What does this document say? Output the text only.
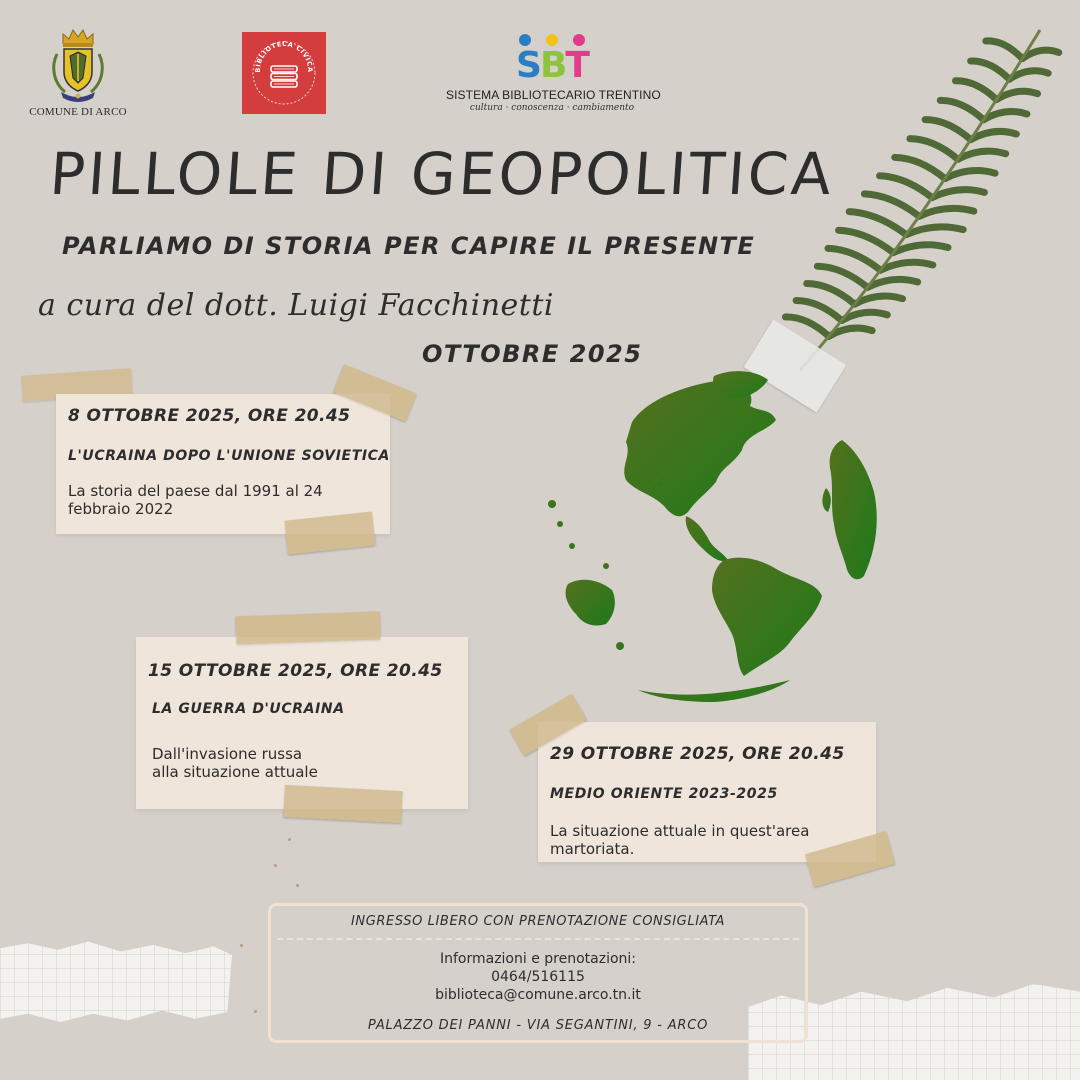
COMUNE DI ARCO
BIBLIOTECA CIVICA	SBT
SISTEMA BIBLIOTECARIO TRENTINO
cultura · conoscenza · cambiamento
PILLOLE DI GEOPOLITICA
PARLIAMO DI STORIA PER CAPIRE IL PRESENTE
a cura del dott. Luigi Facchinetti
OTTOBRE 2025
8 OTTOBRE 2025, ORE 20.45
L'UCRAINA DOPO L'UNIONE SOVIETICA
La storia del paese dal 1991 al 24
febbraio 2022
15 OTTOBRE 2025, ORE 20.45
LA GUERRA D'UCRAINA
Dall'invasione russa
alla situazione attuale
29 OTTOBRE 2025, ORE 20.45
MEDIO ORIENTE 2023-2025
La situazione attuale in quest'area
martoriata.
INGRESSO LIBERO CON PRENOTAZIONE CONSIGLIATA
Informazioni e prenotazioni:
0464/516115
biblioteca@comune.arco.tn.it
PALAZZO DEI PANNI - VIA SEGANTINI, 9 - ARCO
